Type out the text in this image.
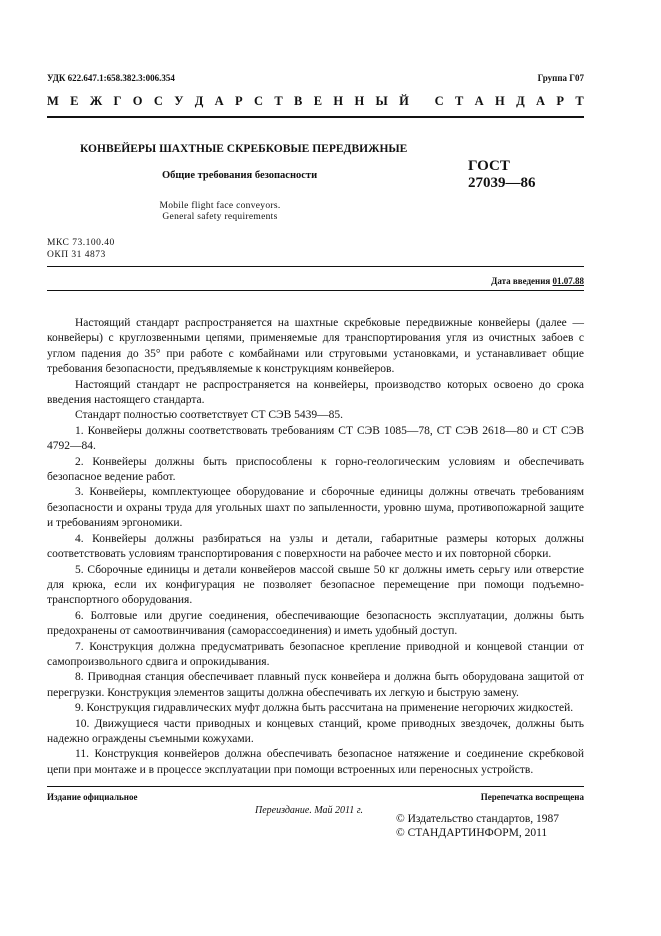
УДК 622.647.1:658.382.3:006.354	Группа Г07
М Е Ж Г О С У Д А Р С Т В Е Н Н Ы Й
С Т А Н Д А Р Т
КОНВЕЙЕРЫ ШАХТНЫЕ СКРЕБКОВЫЕ ПЕРЕДВИЖНЫЕ
Общие требования безопасности
Mobile flight face conveyors.
General safety requirements
ГОСТ
27039—86
МКС 73.100.40
ОКП 31 4873
Дата введения 01.07.88

Настоящий стандарт распространяется на шахтные скребковые передвижные конвейеры (далее — конвейеры) с круглозвенными цепями, применяемые для транспортирования угля из очистных забоев с углом падения до 35° при работе с комбайнами или струговыми установками, и устанавливает общие требования безопасности, предъявляемые к конструкциям конвейеров.

Настоящий стандарт не распространяется на конвейеры, производство которых освоено до срока введения настоящего стандарта.

Стандарт полностью соответствует СТ СЭВ 5439—85.

1. Конвейеры должны соответствовать требованиям СТ СЭВ 1085—78, СТ СЭВ 2618—80 и СТ СЭВ 4792—84.

2. Конвейеры должны быть приспособлены к горно-геологическим условиям и обеспечивать безопасное ведение работ.

3. Конвейеры, комплектующее оборудование и сборочные единицы должны отвечать требованиям безопасности и охраны труда для угольных шахт по запыленности, уровню шума, противопожарной защите и требованиям эргономики.

4. Конвейеры должны разбираться на узлы и детали, габаритные размеры которых должны соответствовать условиям транспортирования с поверхности на рабочее место и их повторной сборки.

5. Сборочные единицы и детали конвейеров массой свыше 50 кг должны иметь серьгу или отверстие для крюка, если их конфигурация не позволяет безопасное перемещение при помощи подъемно-транспортного оборудования.

6. Болтовые или другие соединения, обеспечивающие безопасность эксплуатации, должны быть предохранены от самоотвинчивания (самораcсоединения) и иметь удобный доступ.

7. Конструкция должна предусматривать безопасное крепление приводной и концевой станции от самопроизвольного сдвига и опрокидывания.

8. Приводная станция обеспечивает плавный пуск конвейера и должна быть оборудована защитой от перегрузки. Конструкция элементов защиты должна обеспечивать их легкую и быструю замену.

9. Конструкция гидравлических муфт должна быть рассчитана на применение негорючих жидкостей.

10. Движущиеся части приводных и концевых станций, кроме приводных звездочек, должны быть надежно ограждены съемными кожухами.

11. Конструкция конвейеров должна обеспечивать безопасное натяжение и соединение скребковой цепи при монтаже и в процессе эксплуатации при помощи встроенных или переносных устройств.

Издание официальное	Перепечатка воспрещена
Переиздание. Май 2011 г.
© Издательство стандартов, 1987
© СТАНДАРТИНФОРМ, 2011
